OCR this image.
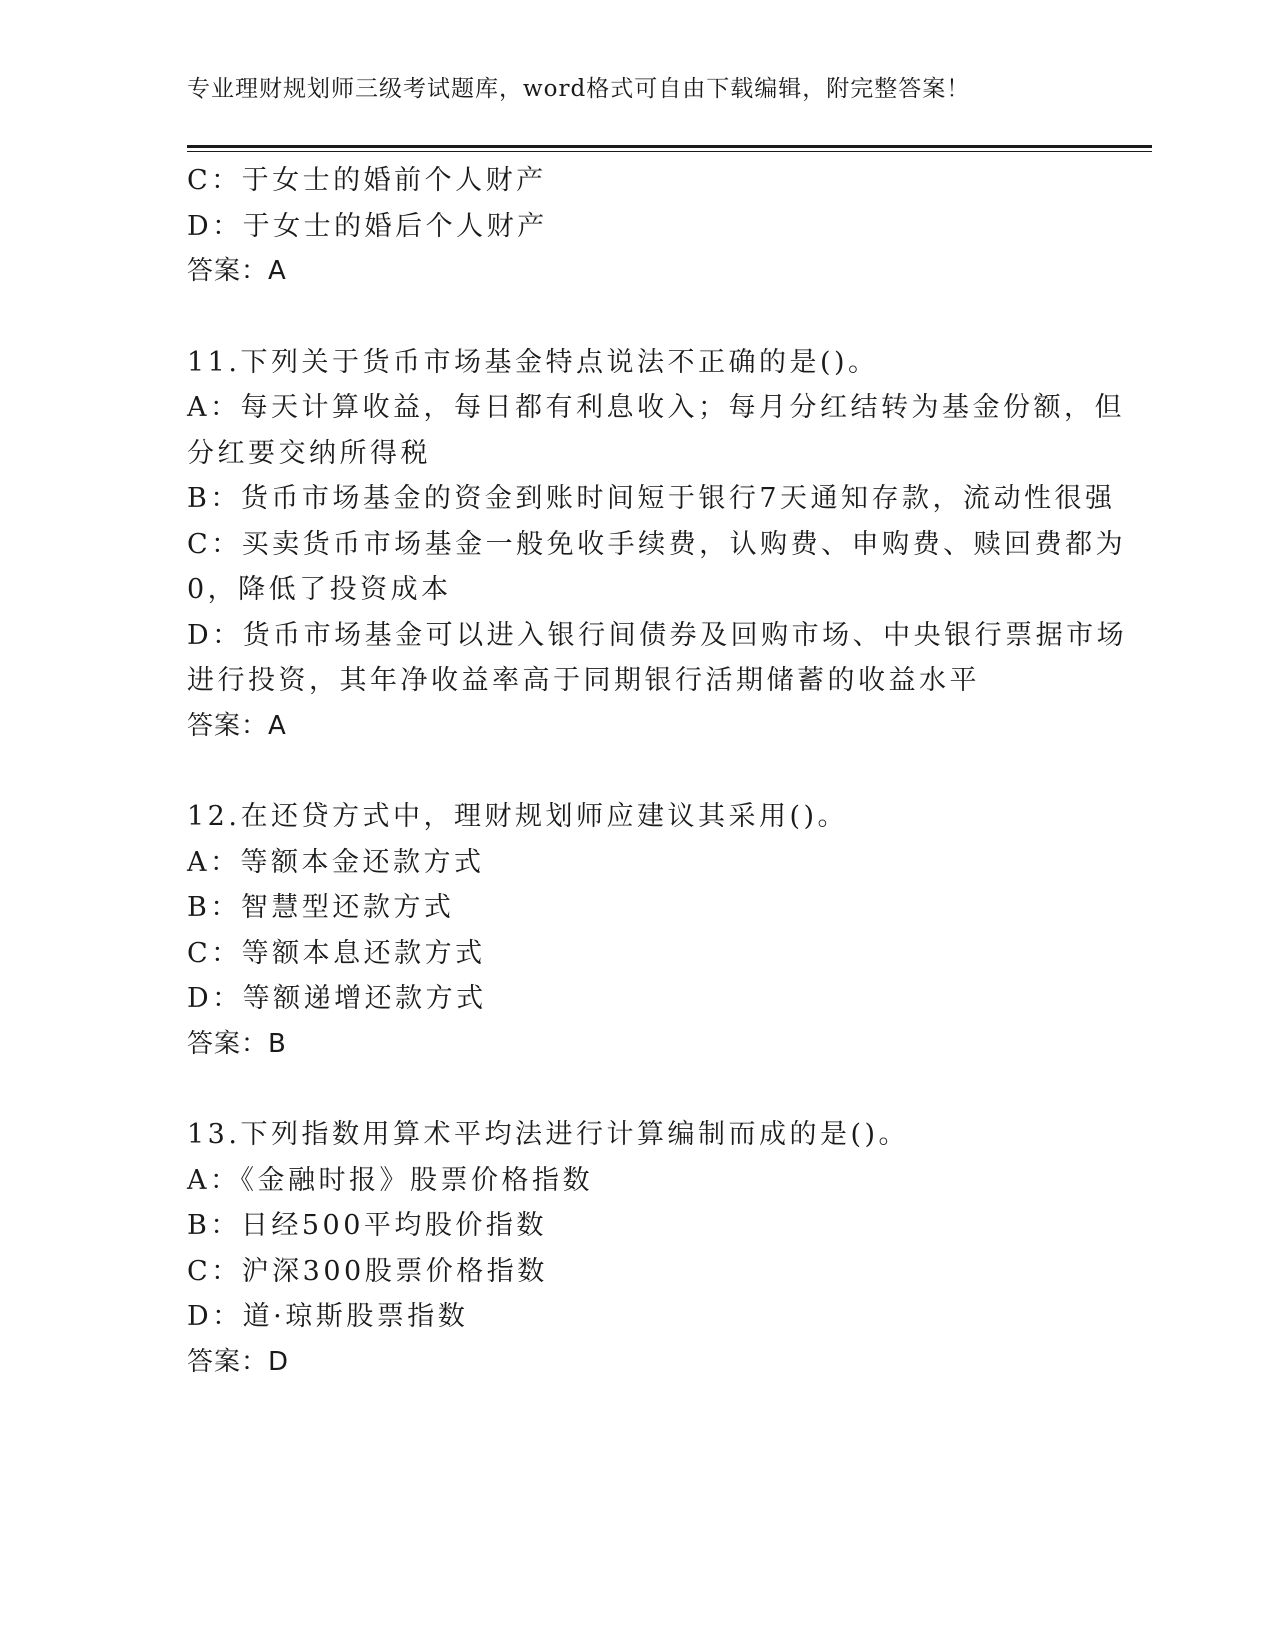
专业理财规划师三级考试题库，word格式可自由下载编辑，附完整答案！
C：于女士的婚前个人财产
D：于女士的婚后个人财产
答案：A
11.下列关于货币市场基金特点说法不正确的是()。
A：每天计算收益，每日都有利息收入；每月分红结转为基金份额，但
分红要交纳所得税
B：货币市场基金的资金到账时间短于银行7天通知存款，流动性很强
C：买卖货币市场基金一般免收手续费，认购费、申购费、赎回费都为
0，降低了投资成本
D：货币市场基金可以进入银行间债券及回购市场、中央银行票据市场
进行投资，其年净收益率高于同期银行活期储蓄的收益水平
答案：A
12.在还贷方式中，理财规划师应建议其采用()。
A：等额本金还款方式
B：智慧型还款方式
C：等额本息还款方式
D：等额递增还款方式
答案：B
13.下列指数用算术平均法进行计算编制而成的是()。
A：《金融时报》股票价格指数
B：日经500平均股价指数
C：沪深300股票价格指数
D：道·琼斯股票指数
答案：D
